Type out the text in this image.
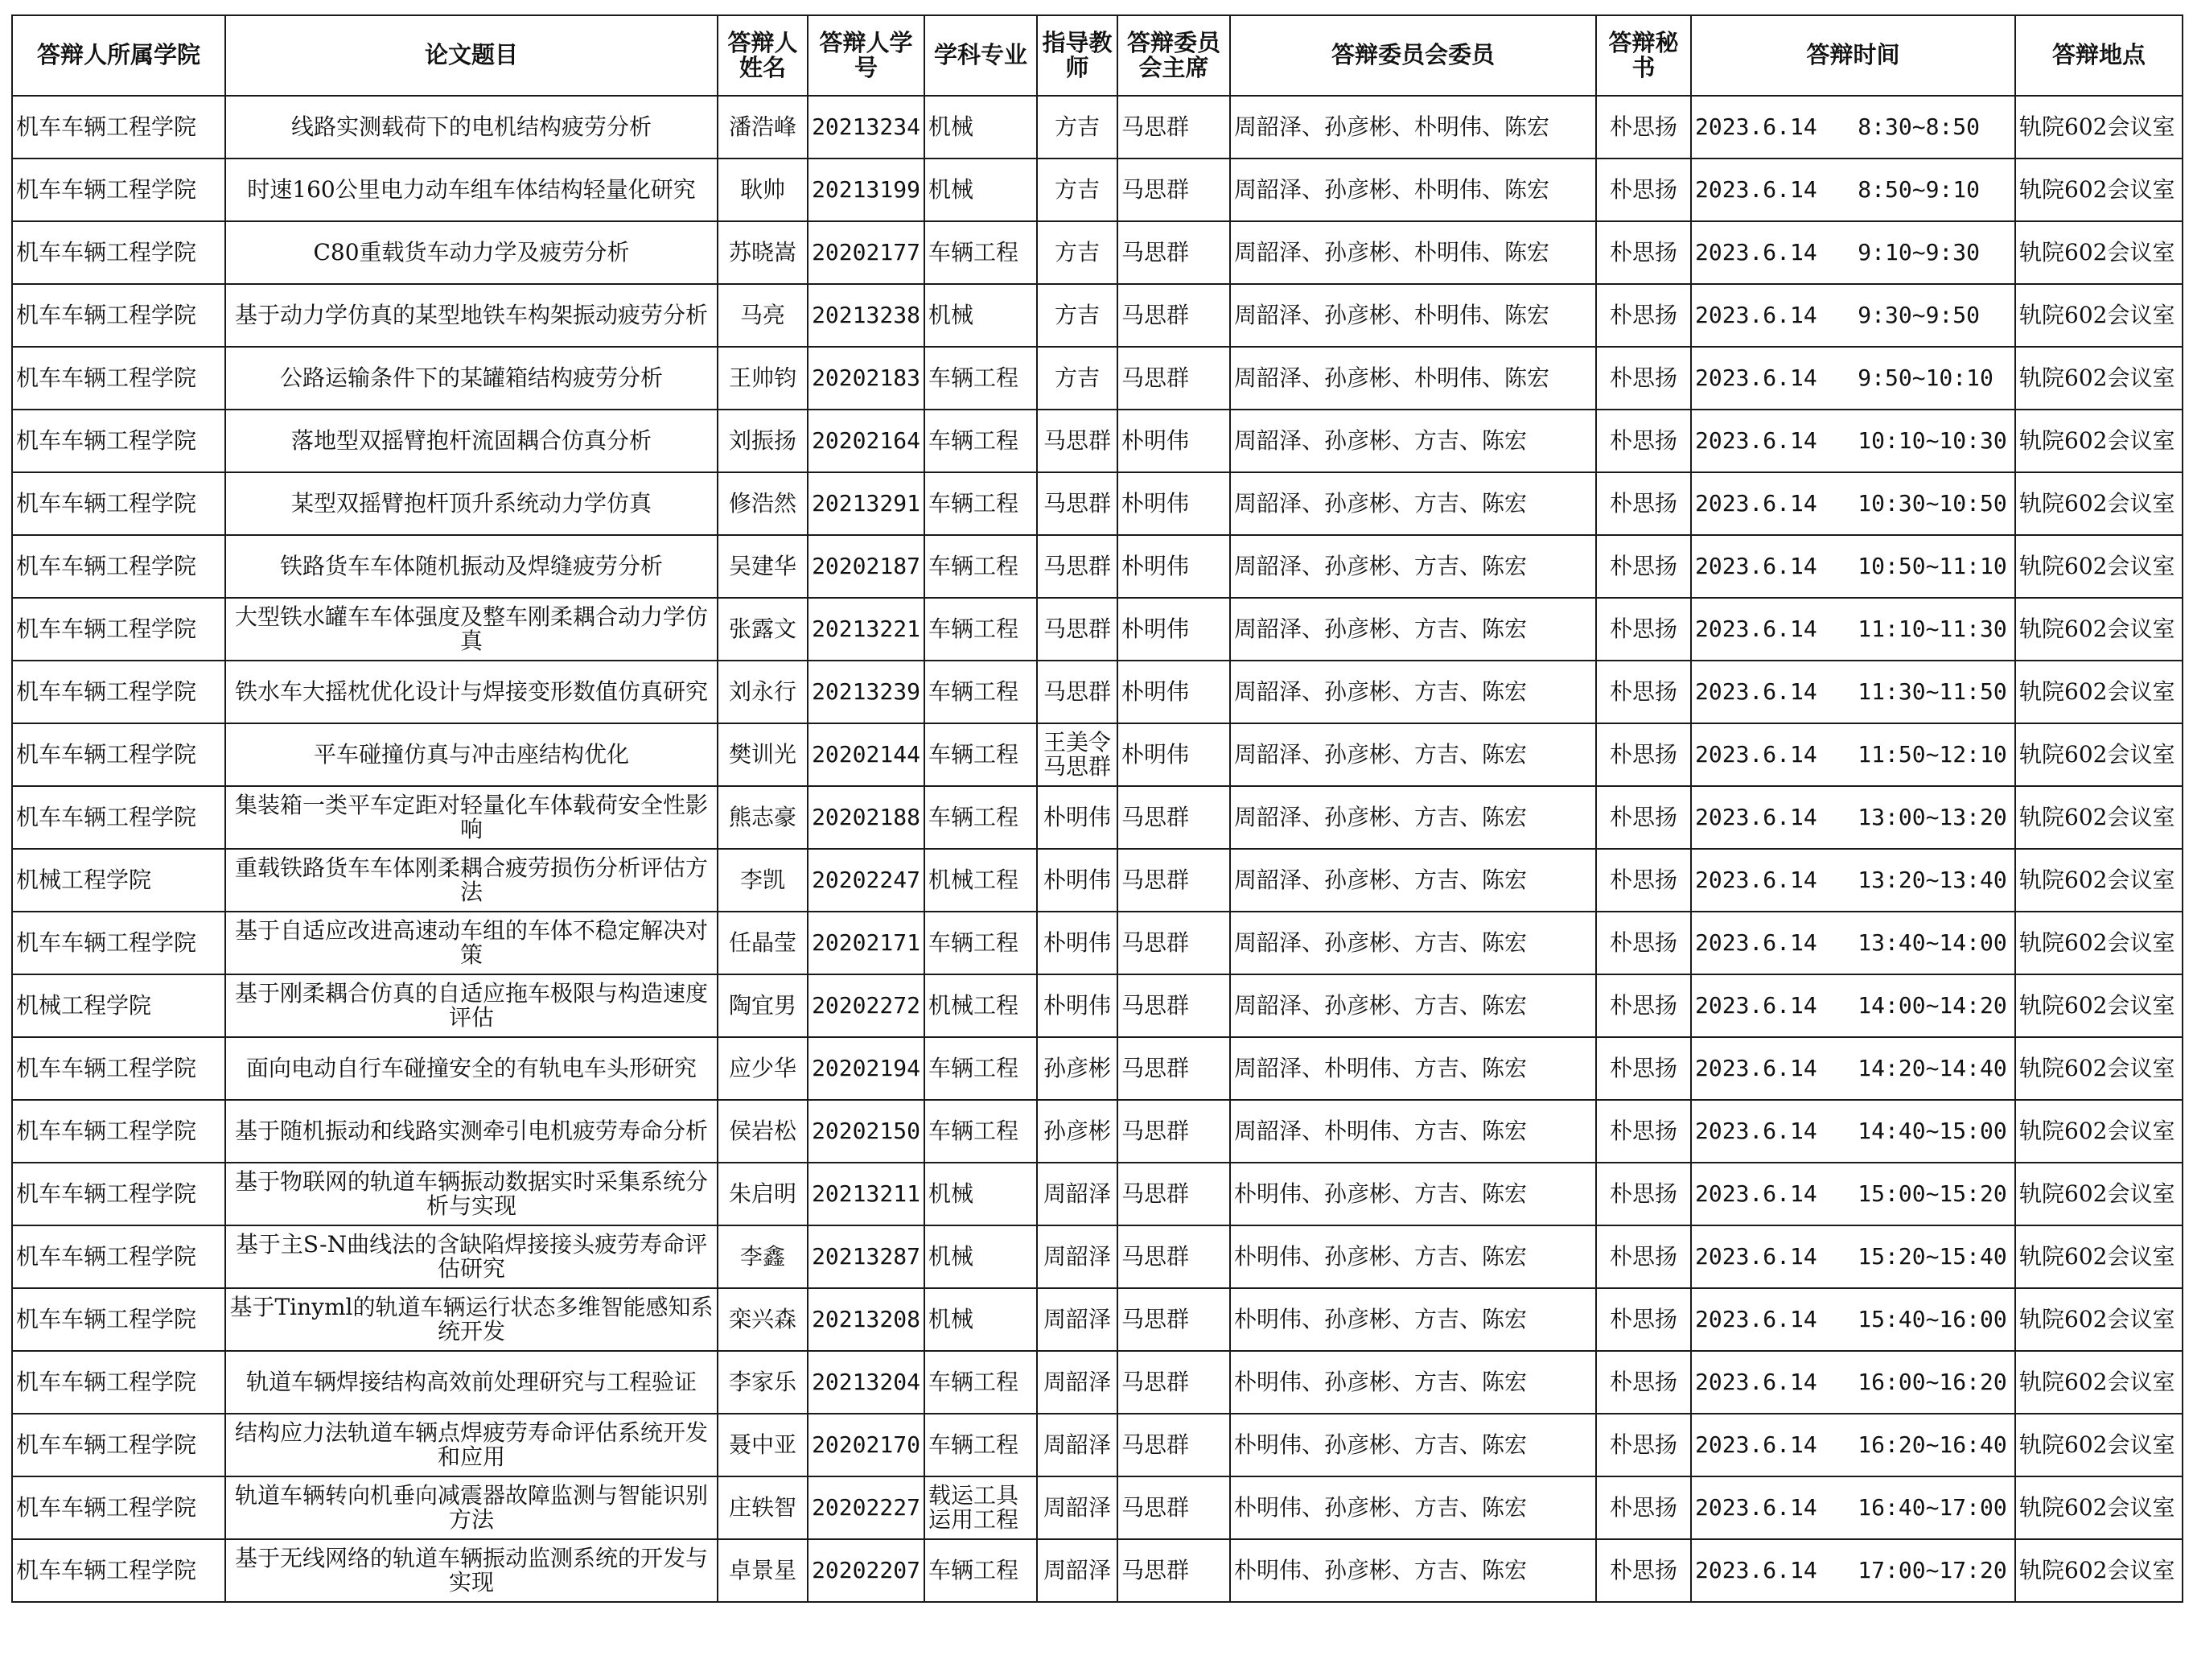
答辩人所属学院	论文题目	答辩人姓名	答辩人学号	学科专业	指导教师	答辩委员会主席	答辩委员会委员	答辩秘书	答辩时间	答辩地点
机车车辆工程学院	线路实测载荷下的电机结构疲劳分析	潘浩峰	20213234	机械	方吉	马思群	周韶泽、孙彦彬、朴明伟、陈宏	朴思扬	2023.6.14   8:30~8:50	轨院602会议室
机车车辆工程学院	时速160公里电力动车组车体结构轻量化研究	耿帅	20213199	机械	方吉	马思群	周韶泽、孙彦彬、朴明伟、陈宏	朴思扬	2023.6.14   8:50~9:10	轨院602会议室
机车车辆工程学院	C80重载货车动力学及疲劳分析	苏晓嵩	20202177	车辆工程	方吉	马思群	周韶泽、孙彦彬、朴明伟、陈宏	朴思扬	2023.6.14   9:10~9:30	轨院602会议室
机车车辆工程学院	基于动力学仿真的某型地铁车构架振动疲劳分析	马亮	20213238	机械	方吉	马思群	周韶泽、孙彦彬、朴明伟、陈宏	朴思扬	2023.6.14   9:30~9:50	轨院602会议室
机车车辆工程学院	公路运输条件下的某罐箱结构疲劳分析	王帅钧	20202183	车辆工程	方吉	马思群	周韶泽、孙彦彬、朴明伟、陈宏	朴思扬	2023.6.14   9:50~10:10	轨院602会议室
机车车辆工程学院	落地型双摇臂抱杆流固耦合仿真分析	刘振扬	20202164	车辆工程	马思群	朴明伟	周韶泽、孙彦彬、方吉、陈宏	朴思扬	2023.6.14   10:10~10:30	轨院602会议室
机车车辆工程学院	某型双摇臂抱杆顶升系统动力学仿真	修浩然	20213291	车辆工程	马思群	朴明伟	周韶泽、孙彦彬、方吉、陈宏	朴思扬	2023.6.14   10:30~10:50	轨院602会议室
机车车辆工程学院	铁路货车车体随机振动及焊缝疲劳分析	吴建华	20202187	车辆工程	马思群	朴明伟	周韶泽、孙彦彬、方吉、陈宏	朴思扬	2023.6.14   10:50~11:10	轨院602会议室
机车车辆工程学院	大型铁水罐车车体强度及整车刚柔耦合动力学仿真	张露文	20213221	车辆工程	马思群	朴明伟	周韶泽、孙彦彬、方吉、陈宏	朴思扬	2023.6.14   11:10~11:30	轨院602会议室
机车车辆工程学院	铁水车大摇枕优化设计与焊接变形数值仿真研究	刘永行	20213239	车辆工程	马思群	朴明伟	周韶泽、孙彦彬、方吉、陈宏	朴思扬	2023.6.14   11:30~11:50	轨院602会议室
机车车辆工程学院	平车碰撞仿真与冲击座结构优化	樊训光	20202144	车辆工程	王美令马思群	朴明伟	周韶泽、孙彦彬、方吉、陈宏	朴思扬	2023.6.14   11:50~12:10	轨院602会议室
机车车辆工程学院	集装箱一类平车定距对轻量化车体载荷安全性影响	熊志豪	20202188	车辆工程	朴明伟	马思群	周韶泽、孙彦彬、方吉、陈宏	朴思扬	2023.6.14   13:00~13:20	轨院602会议室
机械工程学院	重载铁路货车车体刚柔耦合疲劳损伤分析评估方法	李凯	20202247	机械工程	朴明伟	马思群	周韶泽、孙彦彬、方吉、陈宏	朴思扬	2023.6.14   13:20~13:40	轨院602会议室
机车车辆工程学院	基于自适应改进高速动车组的车体不稳定解决对策	任晶莹	20202171	车辆工程	朴明伟	马思群	周韶泽、孙彦彬、方吉、陈宏	朴思扬	2023.6.14   13:40~14:00	轨院602会议室
机械工程学院	基于刚柔耦合仿真的自适应拖车极限与构造速度评估	陶宜男	20202272	机械工程	朴明伟	马思群	周韶泽、孙彦彬、方吉、陈宏	朴思扬	2023.6.14   14:00~14:20	轨院602会议室
机车车辆工程学院	面向电动自行车碰撞安全的有轨电车头形研究	应少华	20202194	车辆工程	孙彦彬	马思群	周韶泽、朴明伟、方吉、陈宏	朴思扬	2023.6.14   14:20~14:40	轨院602会议室
机车车辆工程学院	基于随机振动和线路实测牵引电机疲劳寿命分析	侯岩松	20202150	车辆工程	孙彦彬	马思群	周韶泽、朴明伟、方吉、陈宏	朴思扬	2023.6.14   14:40~15:00	轨院602会议室
机车车辆工程学院	基于物联网的轨道车辆振动数据实时采集系统分析与实现	朱启明	20213211	机械	周韶泽	马思群	朴明伟、孙彦彬、方吉、陈宏	朴思扬	2023.6.14   15:00~15:20	轨院602会议室
机车车辆工程学院	基于主S-N曲线法的含缺陷焊接接头疲劳寿命评估研究	李鑫	20213287	机械	周韶泽	马思群	朴明伟、孙彦彬、方吉、陈宏	朴思扬	2023.6.14   15:20~15:40	轨院602会议室
机车车辆工程学院	基于Tinyml的轨道车辆运行状态多维智能感知系统开发	栾兴森	20213208	机械	周韶泽	马思群	朴明伟、孙彦彬、方吉、陈宏	朴思扬	2023.6.14   15:40~16:00	轨院602会议室
机车车辆工程学院	轨道车辆焊接结构高效前处理研究与工程验证	李家乐	20213204	车辆工程	周韶泽	马思群	朴明伟、孙彦彬、方吉、陈宏	朴思扬	2023.6.14   16:00~16:20	轨院602会议室
机车车辆工程学院	结构应力法轨道车辆点焊疲劳寿命评估系统开发和应用	聂中亚	20202170	车辆工程	周韶泽	马思群	朴明伟、孙彦彬、方吉、陈宏	朴思扬	2023.6.14   16:20~16:40	轨院602会议室
机车车辆工程学院	轨道车辆转向机垂向减震器故障监测与智能识别方法	庄轶智	20202227	载运工具运用工程	周韶泽	马思群	朴明伟、孙彦彬、方吉、陈宏	朴思扬	2023.6.14   16:40~17:00	轨院602会议室
机车车辆工程学院	基于无线网络的轨道车辆振动监测系统的开发与实现	卓景星	20202207	车辆工程	周韶泽	马思群	朴明伟、孙彦彬、方吉、陈宏	朴思扬	2023.6.14   17:00~17:20	轨院602会议室
